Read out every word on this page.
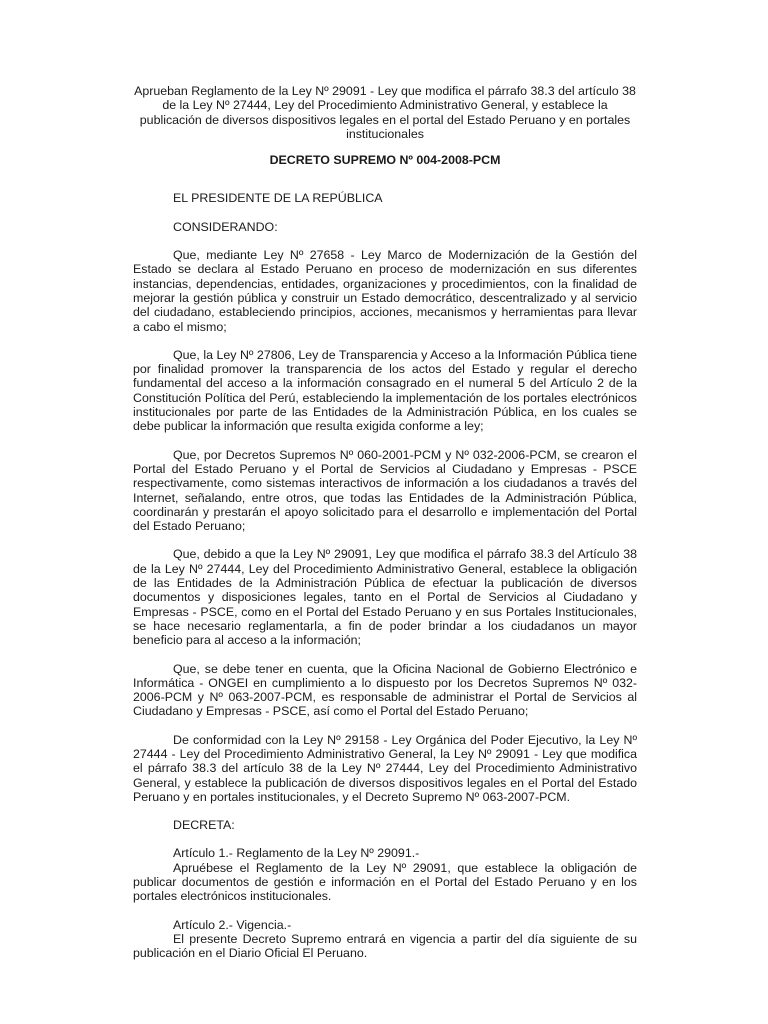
Aprueban Reglamento de la Ley Nº 29091 - Ley que modifica el párrafo 38.3 del artículo 38 de la Ley Nº 27444, Ley del Procedimiento Administrativo General, y establece la publicación de diversos dispositivos legales en el portal del Estado Peruano y en portales institucionales

DECRETO SUPREMO Nº 004-2008-PCM

EL PRESIDENTE DE LA REPÚBLICA

CONSIDERANDO:

Que, mediante Ley Nº 27658 - Ley Marco de Modernización de la Gestión del Estado se declara al Estado Peruano en proceso de modernización en sus diferentes instancias, dependencias, entidades, organizaciones y procedimientos, con la finalidad de mejorar la gestión pública y construir un Estado democrático, descentralizado y al servicio del ciudadano, estableciendo principios, acciones, mecanismos y herramientas para llevar a cabo el mismo;

Que, la Ley Nº 27806, Ley de Transparencia y Acceso a la Información Pública tiene por finalidad promover la transparencia de los actos del Estado y regular el derecho fundamental del acceso a la información consagrado en el numeral 5 del Artículo 2 de la Constitución Política del Perú, estableciendo la implementación de los portales electrónicos institucionales por parte de las Entidades de la Administración Pública, en los cuales se debe publicar la información que resulta exigida conforme a ley;

Que, por Decretos Supremos Nº 060-2001-PCM y Nº 032-2006-PCM, se crearon el Portal del Estado Peruano y el Portal de Servicios al Ciudadano y Empresas - PSCE respectivamente, como sistemas interactivos de información a los ciudadanos a través del Internet, señalando, entre otros, que todas las Entidades de la Administración Pública, coordinarán y prestarán el apoyo solicitado para el desarrollo e implementación del Portal del Estado Peruano;

Que, debido a que la Ley Nº 29091, Ley que modifica el párrafo 38.3 del Artículo 38 de la Ley Nº 27444, Ley del Procedimiento Administrativo General, establece la obligación de las Entidades de la Administración Pública de efectuar la publicación de diversos documentos y disposiciones legales, tanto en el Portal de Servicios al Ciudadano y Empresas - PSCE, como en el Portal del Estado Peruano y en sus Portales Institucionales, se hace necesario reglamentarla, a fin de poder brindar a los ciudadanos un mayor beneficio para al acceso a la información;

Que, se debe tener en cuenta, que la Oficina Nacional de Gobierno Electrónico e Informática - ONGEI en cumplimiento a lo dispuesto por los Decretos Supremos Nº 032-2006-PCM y Nº 063-2007-PCM, es responsable de administrar el Portal de Servicios al Ciudadano y Empresas - PSCE, así como el Portal del Estado Peruano;

De conformidad con la Ley Nº 29158 - Ley Orgánica del Poder Ejecutivo, la Ley Nº 27444 - Ley del Procedimiento Administrativo General, la Ley Nº 29091 - Ley que modifica el párrafo 38.3 del artículo 38 de la Ley Nº 27444, Ley del Procedimiento Administrativo General, y establece la publicación de diversos dispositivos legales en el Portal del Estado Peruano y en portales institucionales, y el Decreto Supremo Nº 063-2007-PCM.

DECRETA:

Artículo 1.- Reglamento de la Ley Nº 29091.-
Apruébese el Reglamento de la Ley Nº 29091, que establece la obligación de publicar documentos de gestión e información en el Portal del Estado Peruano y en los portales electrónicos institucionales.
Artículo 2.- Vigencia.-
El presente Decreto Supremo entrará en vigencia a partir del día siguiente de su publicación en el Diario Oficial El Peruano.
